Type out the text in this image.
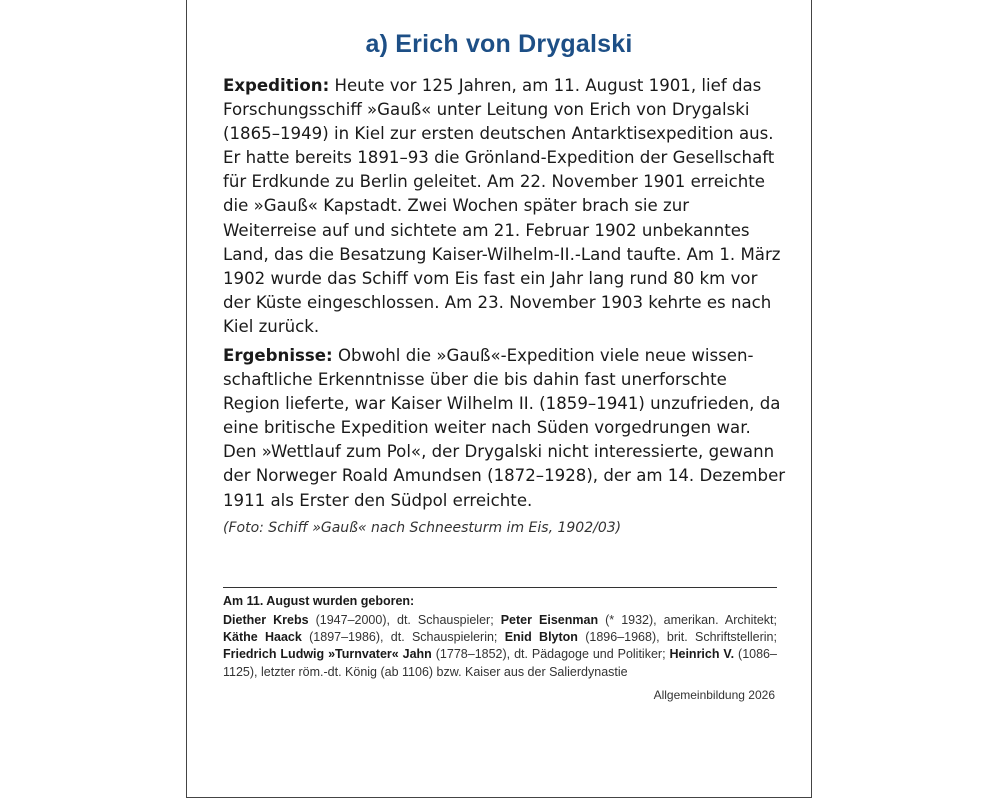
a) Erich von Drygalski

Expedition: Heute vor 125 Jahren, am 11. August 1901, lief das Forschungsschiff »Gauß« unter Leitung von Erich von Drygalski (1865–1949) in Kiel zur ersten deutschen Antarktisexpedition aus. Er hatte bereits 1891–93 die Grönland-Expedition der Gesellschaft für Erdkunde zu Berlin geleitet. Am 22. November 1901 erreichte die »Gauß« Kapstadt. Zwei Wochen später brach sie zur Weiterreise auf und sichtete am 21. Februar 1902 unbekanntes Land, das die Besatzung Kaiser-Wilhelm-II.-Land taufte. Am 1. März 1902 wurde das Schiff vom Eis fast ein Jahr lang rund 80 km vor der Küste eingeschlossen. Am 23. November 1903 kehrte es nach Kiel zurück.

Ergebnisse: Obwohl die »Gauß«-Expedition viele neue wissenschaftliche Erkenntnisse über die bis dahin fast unerforschte Region lieferte, war Kaiser Wilhelm II. (1859–1941) unzufrieden, da eine britische Expedition weiter nach Süden vorgedrungen war. Den »Wettlauf zum Pol«, der Drygalski nicht interessierte, gewann der Norweger Roald Amundsen (1872–1928), der am 14. Dezember 1911 als Erster den Südpol erreichte.

(Foto: Schiff »Gauß« nach Schneesturm im Eis, 1902/03)

Am 11. August wurden geboren:

Diether Krebs (1947–2000), dt. Schauspieler; Peter Eisenman (* 1932), amerikan. Architekt; Käthe Haack (1897–1986), dt. Schauspielerin; Enid Blyton (1896–1968), brit. Schriftstellerin; Friedrich Ludwig »Turnvater« Jahn (1778–1852), dt. Pädagoge und Politiker; Heinrich V. (1086–1125), letzter röm.-dt. König (ab 1106) bzw. Kaiser aus der Salierdynastie

Allgemeinbildung 2026
